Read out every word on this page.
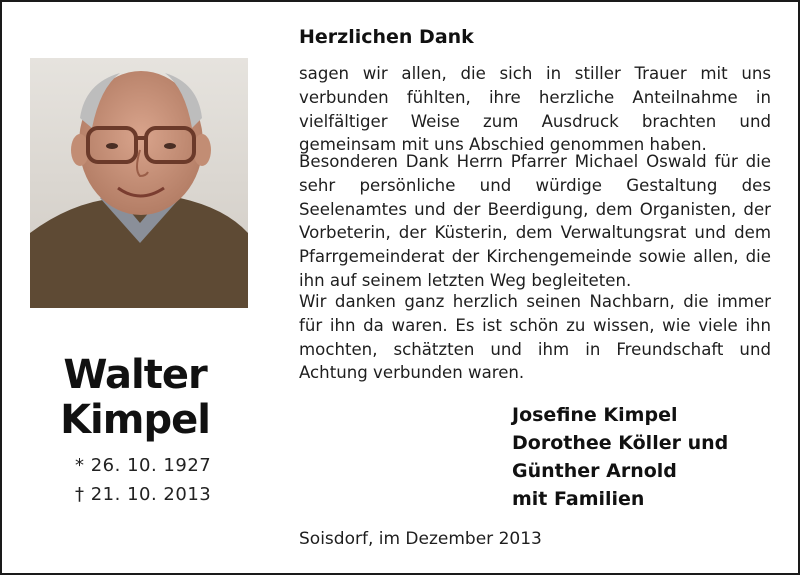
Walter
Kimpel
* 26. 10. 1927
† 21. 10. 2013
Herzlichen Dank
sagen wir allen, die sich in stiller Trauer mit uns verbunden fühlten, ihre herzliche Anteilnahme in vielfältiger Weise zum Ausdruck brachten und gemeinsam mit uns Abschied genommen haben.
Besonderen Dank Herrn Pfarrer Michael Oswald für die sehr persönliche und würdige Gestaltung des Seelenamtes und der Beerdigung, dem Organisten, der Vorbeterin, der Küsterin, dem Verwaltungsrat und dem Pfarrgemeinderat der Kirchengemeinde sowie allen, die ihn auf seinem letzten Weg begleiteten.
Wir danken ganz herzlich seinen Nachbarn, die immer für ihn da waren. Es ist schön zu wissen, wie viele ihn mochten, schätzten und ihm in Freundschaft und Achtung verbunden waren.
Josefine Kimpel
Dorothee Köller und
Günther Arnold
mit Familien
Soisdorf, im Dezember 2013
